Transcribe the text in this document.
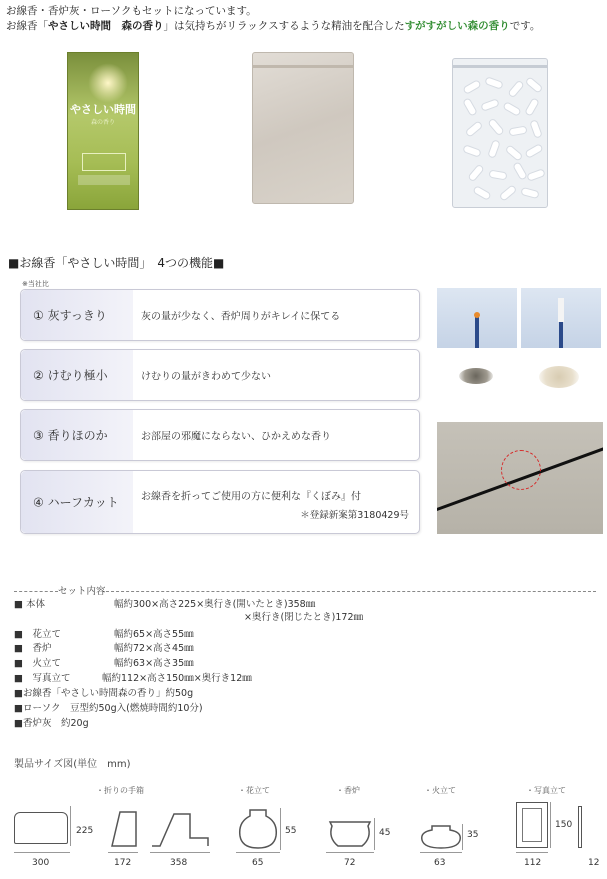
お線香・香炉灰・ローソクもセットになっています。
お線香「やさしい時間　森の香り」は気持ちがリラックスするような精油を配合したすがすがしい森の香りです。
やさしい時間
森の香り
■お線香「やさしい時間」　4つの機能■
※当社比
① 灰すっきり	灰の量が少なく、香炉周りがキレイに保てる
② けむり極小	けむりの量がきわめて少ない
③ 香りほのか	お部屋の邪魔にならない、ひかえめな香り
④ ハーフカット お線香を折ってご使用の方に便利な『くぼみ』付
＊登録新案第3180429号
セット内容
■ 本体	幅約300×高さ225×奥行き(開いたとき)358㎜
×奥行き(閉じたとき)172㎜
■　花立て	幅約65×高さ55㎜
■　香炉	幅約72×高さ45㎜
■　火立て	幅約63×高さ35㎜
■　写真立て	幅約112×高さ150㎜×奥行き12㎜
■お線香「やさしい時間森の香り」約50g
■ローソク　豆型約50g入(燃焼時間約10分)
■香炉灰　約20g
製品サイズ図(単位　mm)
・折りの手箱	・花立て	・香炉	・火立て	・写真立て
225
300	172	358
55
65
45
72
35
63
150
112	12
